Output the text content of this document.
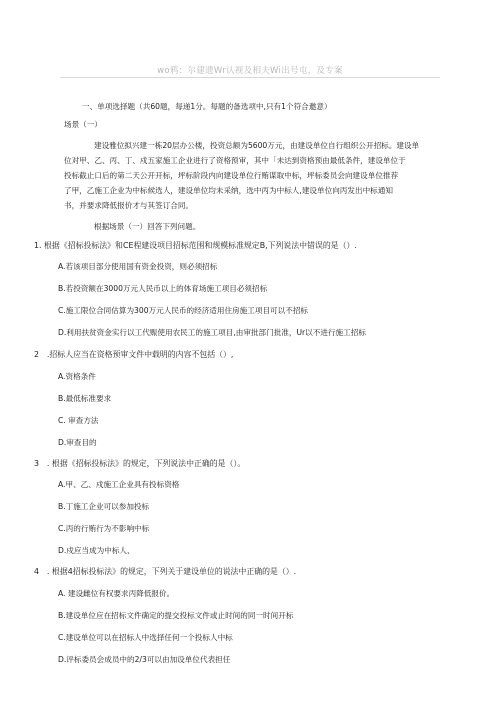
wo鸦：尔建遗Wr认视及相夫Wi出号屯，及专案
一、单项选择题（共60题，每递1分。每题的备选项中,只有1个符合邀意）
场景（一）
建设雅位拟兴建一栋20层办公楼，投资总额为5600万元，由建设单位自行组织公开招标。建设单
位对甲、乙、丙、丁、戍五家施工企业进行了资格预审，其中「未达到资格预由最低条件，建设单位于
投标截止口后的第二天公开开标，坪标阶段内向建设单位行贿谋取中标，坪标委员会向建设单位推荐
了甲，乙施工企业为中标候选人，建设单位均未采纳，选中丙为中标人,建设单位向丙发出中标通知
书，并要求降低报价才与其签订合同。
根据场景（一）回答下列问题。
1. 根据《招标投标法》和CE程建设项目招标范围和规模标准规定B,下列说法中错误的是（）.
A.若该项目部分使用国有资金投资，则必须招标
B.若投资额在3000万元人民币以上的体育场施工项目必须招标
C.施工限位合同估算为300万元人民币的经济适用住房施工项目可以不招标
D.利用扶贫资金实行以工代赈使用农民工的施工项目,由审批部门批准，Ur以不进行施工招标
2　.招标人应当在资格预审文件中载明的内容不包括（）,
A.资格条件
B.最低标准要求
C. 审查方法
D.审查目的
3　. 根据《招标投标法》的规定，下列说法中正确的是（）。
A.甲、乙、戍施工企业具有投标资格
B.丁施工企业可以参加投标
C.丙的行贿行为不影响中标
D.戍应当成为中标人、
4　. 根据4招标投标法》的规定，下列关于建设单位的说法中正确的是（）.
A. 建设雌位有权要求丙降低报价。
B.建设单位应在招标文件确定的提交投标文件或止时间的同一时间开标
C.建设单位可以在招标人中选择任何一个投标人中标
D.评标委员会成员中的2/3可以由加设单位代表担任
